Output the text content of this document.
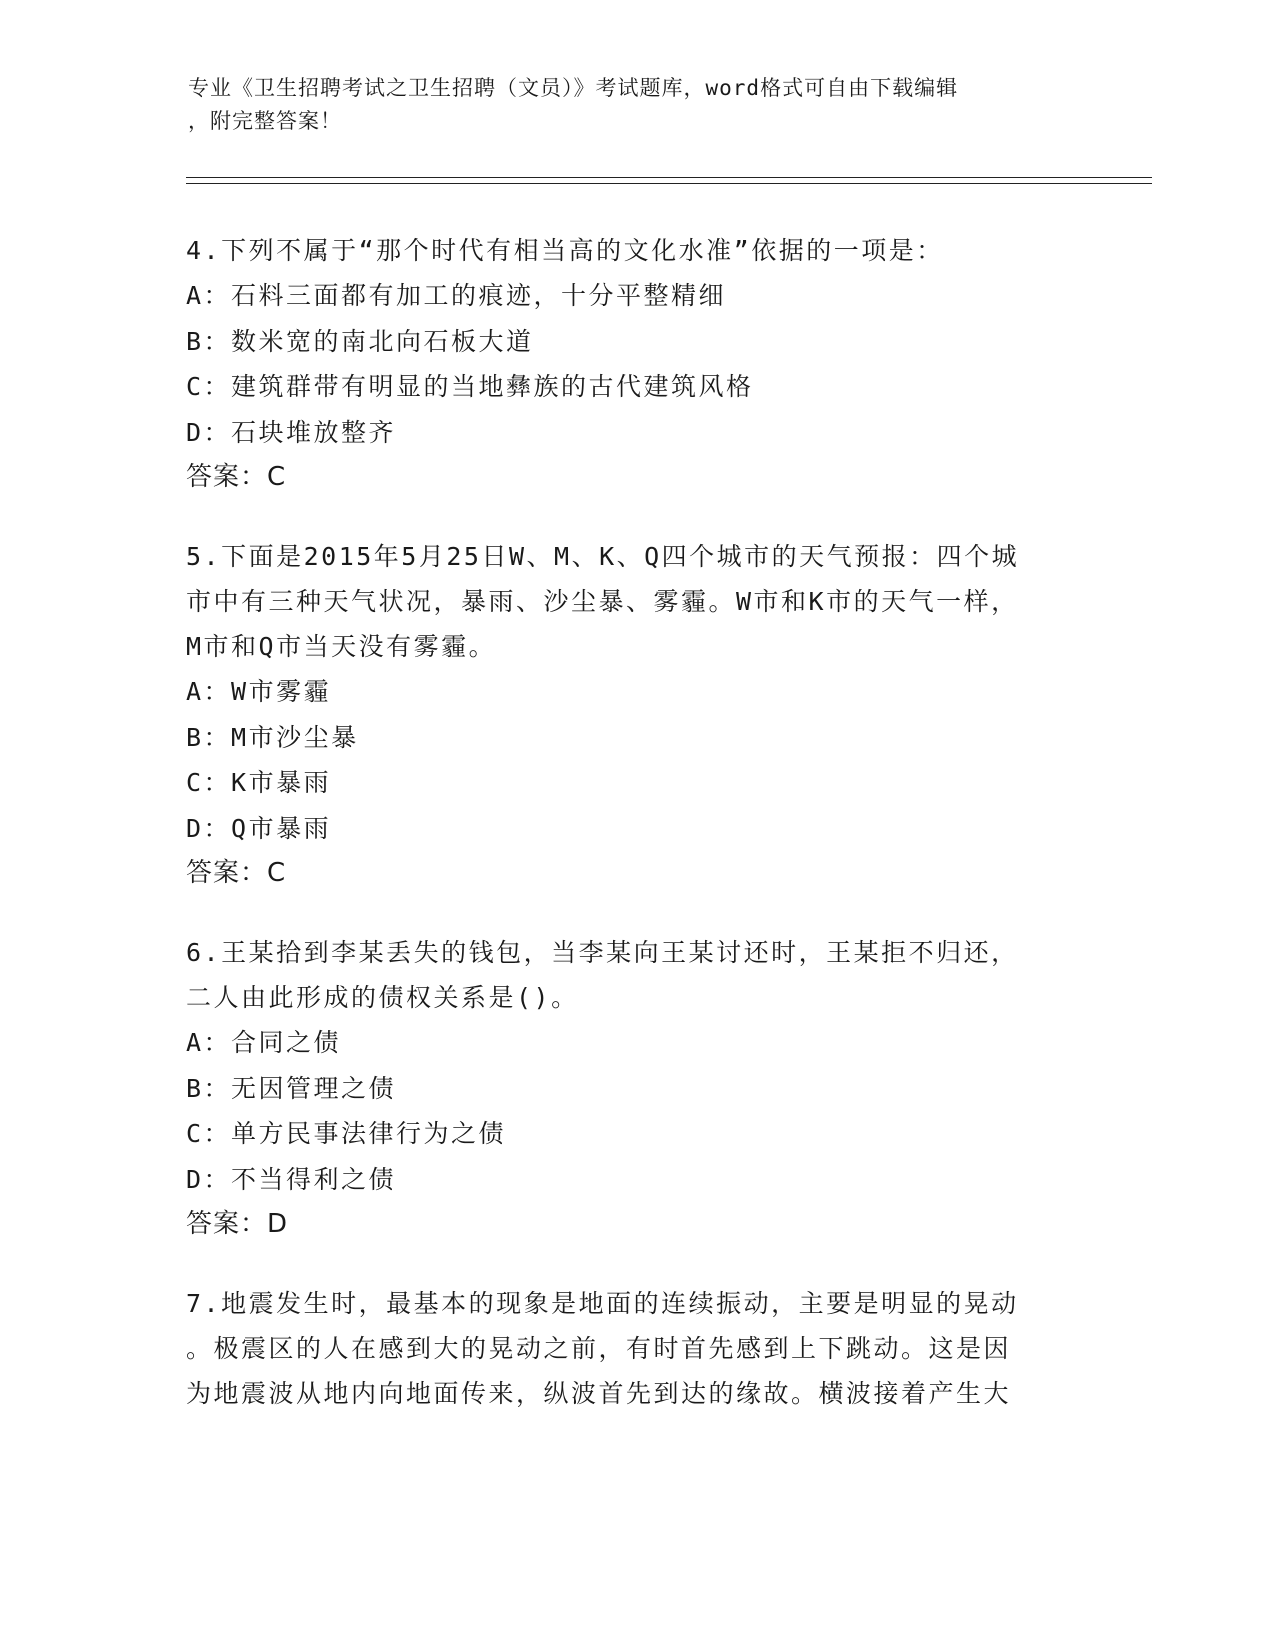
专业《卫生招聘考试之卫生招聘（文员）》考试题库，word格式可自由下载编辑

，附完整答案！

4.下列不属于“那个时代有相当高的文化水准”依据的一项是：

A：石料三面都有加工的痕迹，十分平整精细

B：数米宽的南北向石板大道

C：建筑群带有明显的当地彝族的古代建筑风格

D：石块堆放整齐

答案：C

5.下面是2015年5月25日W、M、K、Q四个城市的天气预报：四个城

市中有三种天气状况，暴雨、沙尘暴、雾霾。W市和K市的天气一样，

M市和Q市当天没有雾霾。

A：W市雾霾

B：M市沙尘暴

C：K市暴雨

D：Q市暴雨

答案：C

6.王某拾到李某丢失的钱包，当李某向王某讨还时，王某拒不归还，

二人由此形成的债权关系是()。

A：合同之债

B：无因管理之债

C：单方民事法律行为之债

D：不当得利之债

答案：D

7.地震发生时，最基本的现象是地面的连续振动，主要是明显的晃动

。极震区的人在感到大的晃动之前，有时首先感到上下跳动。这是因

为地震波从地内向地面传来，纵波首先到达的缘故。横波接着产生大
